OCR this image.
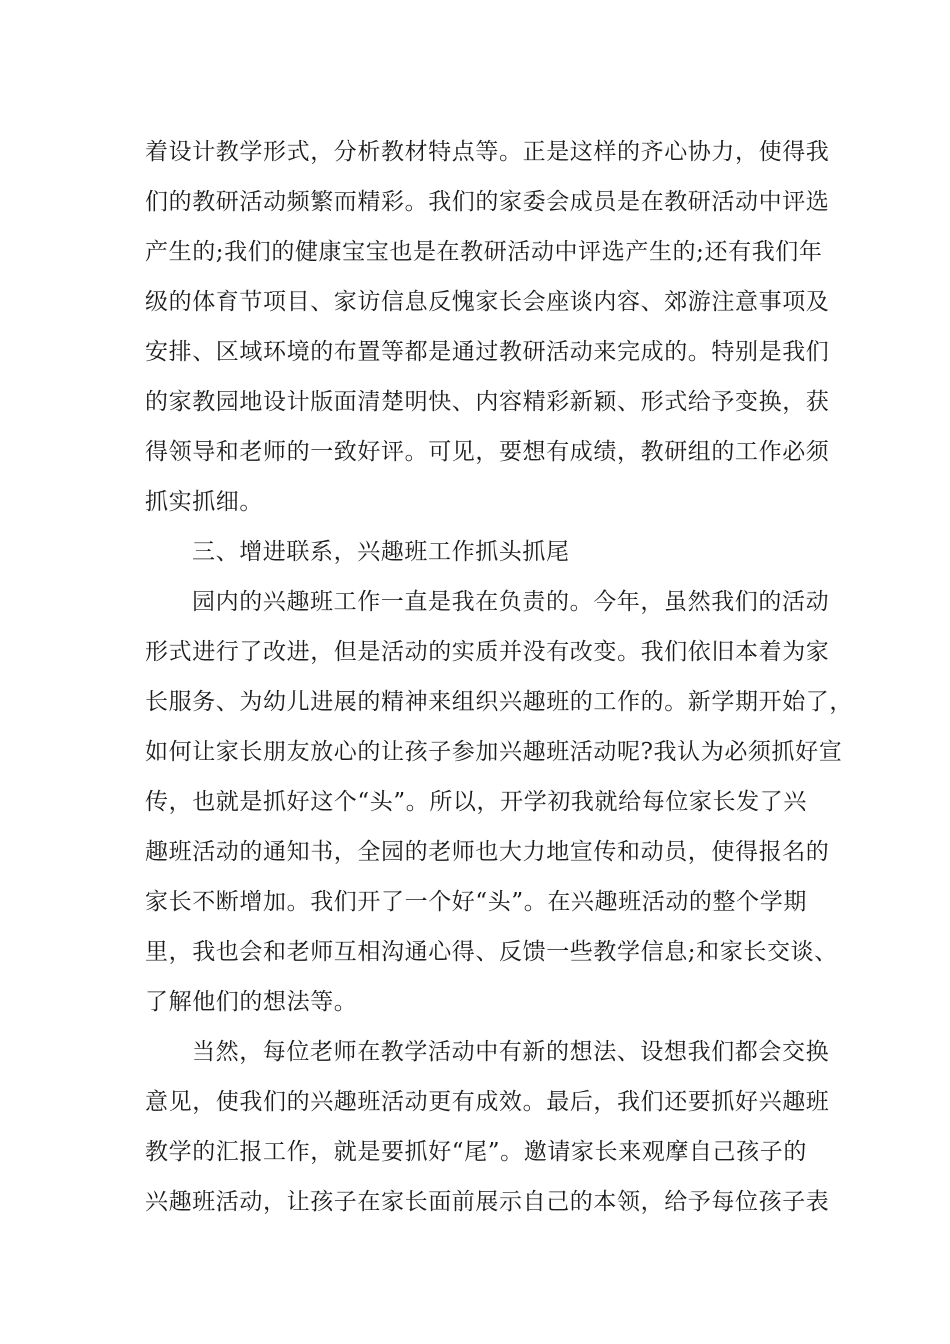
着设计教学形式，分析教材特点等。正是这样的齐心协力，使得我

们的教研活动频繁而精彩。我们的家委会成员是在教研活动中评选

产生的;我们的健康宝宝也是在教研活动中评选产生的;还有我们年

级的体育节项目、家访信息反愧家长会座谈内容、郊游注意事项及

安排、区域环境的布置等都是通过教研活动来完成的。特别是我们

的家教园地设计版面清楚明快、内容精彩新颖、形式给予变换，获

得领导和老师的一致好评。可见，要想有成绩，教研组的工作必须

抓实抓细。

三、增进联系，兴趣班工作抓头抓尾

园内的兴趣班工作一直是我在负责的。今年，虽然我们的活动

形式进行了改进，但是活动的实质并没有改变。我们依旧本着为家

长服务、为幼儿进展的精神来组织兴趣班的工作的。新学期开始了，

如何让家长朋友放心的让孩子参加兴趣班活动呢?我认为必须抓好宣

传，也就是抓好这个“头”。所以，开学初我就给每位家长发了兴

趣班活动的通知书，全园的老师也大力地宣传和动员，使得报名的

家长不断增加。我们开了一个好“头”。在兴趣班活动的整个学期

里，我也会和老师互相沟通心得、反馈一些教学信息;和家长交谈、

了解他们的想法等。

当然，每位老师在教学活动中有新的想法、设想我们都会交换

意见，使我们的兴趣班活动更有成效。最后，我们还要抓好兴趣班

教学的汇报工作，就是要抓好“尾”。邀请家长来观摩自己孩子的

兴趣班活动，让孩子在家长面前展示自己的本领，给予每位孩子表
